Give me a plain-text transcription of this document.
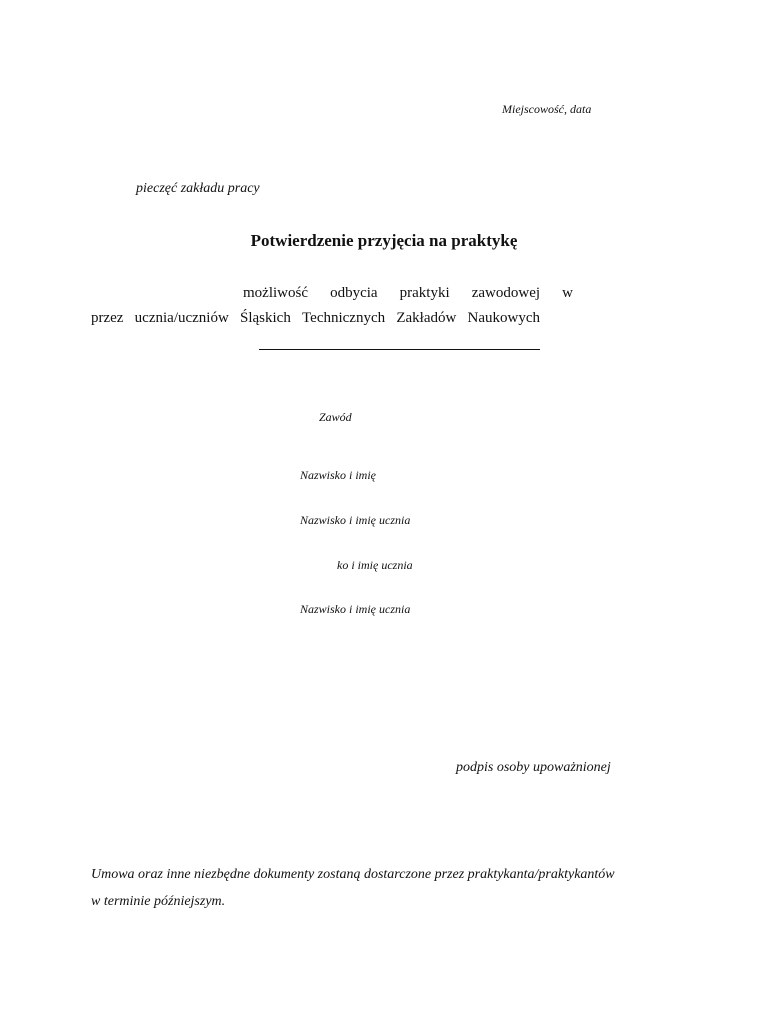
Miejscowość, data
pieczęć zakładu pracy
Potwierdzenie przyjęcia na praktykę
możliwość odbycia praktyki zawodowej w
przez ucznia/uczniów Śląskich Technicznych Zakładów Naukowych
Zawód
Nazwisko i imię
Nazwisko i imię ucznia
ko i imię ucznia
Nazwisko i imię ucznia
podpis osoby upoważnionej
Umowa oraz inne niezbędne dokumenty zostaną dostarczone przez praktykanta/praktykantów
w terminie późniejszym.
